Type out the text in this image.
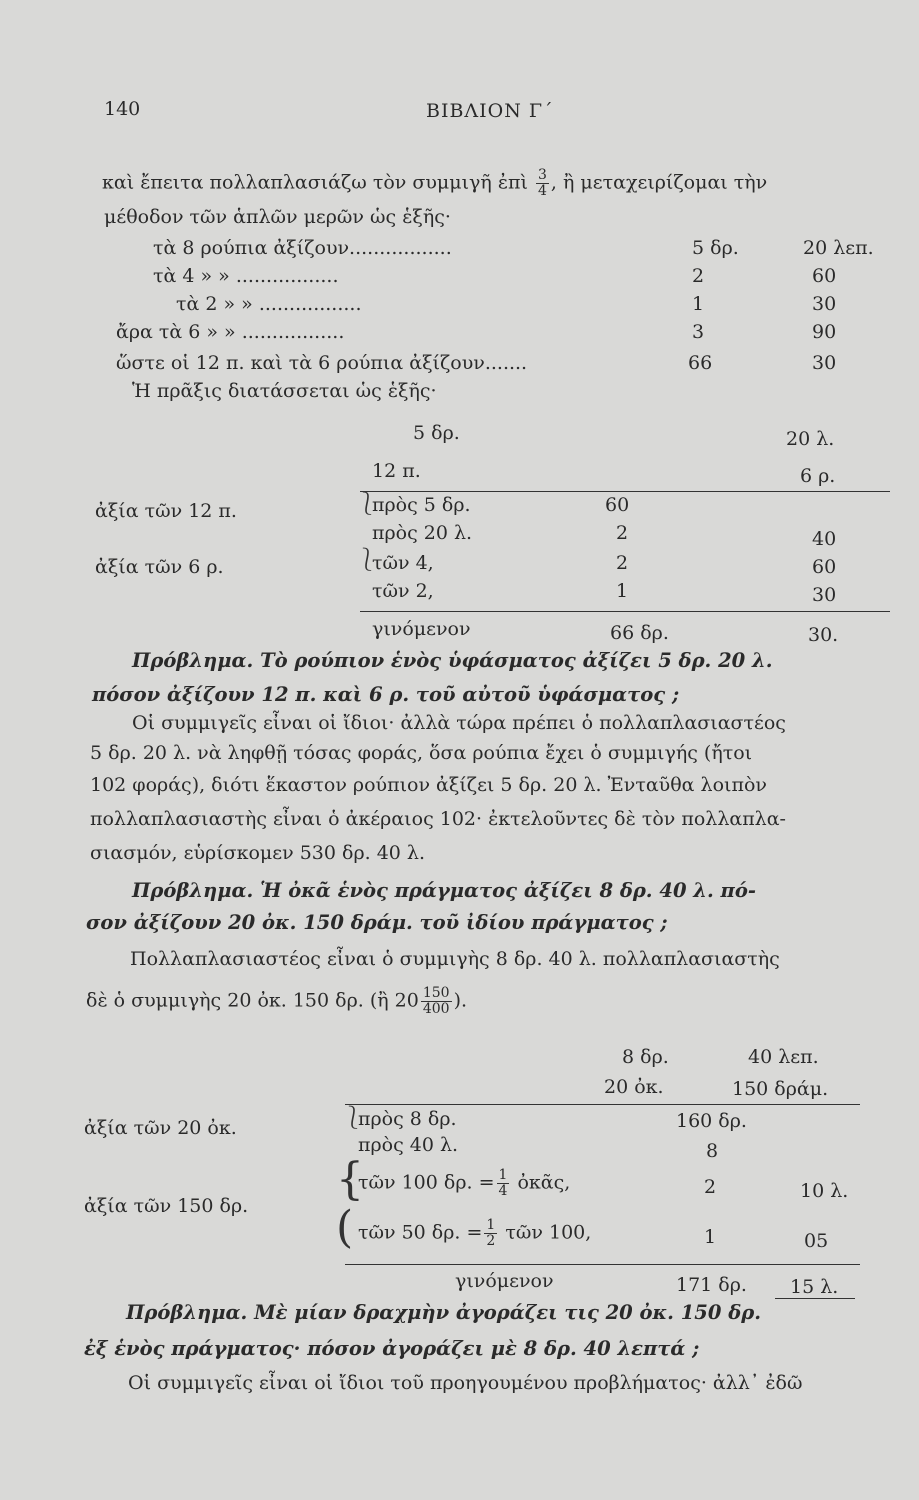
140	ΒΙΒΛΙΟΝ Γ΄
καὶ ἔπειτα πολλαπλασιάζω τὸν συμμιγῆ ἐπὶ $\frac{3}{4}$ , ἢ μεταχειρίζομαι τὴν
μέθοδον τῶν ἁπλῶν μερῶν ὡς ἑξῆς·
τὰ 8 ρούπια ἀξίζουν.................	5 δρ.	20 λεπ.
τὰ 4 » » .................	2	60
τὰ 2 » » .................	1	30
ἄρα τὰ 6 » » .................	3	90
ὥστε οἱ 12 π. καὶ τὰ 6 ρούπια ἀξίζουν.......	66	30
Ἡ πρᾶξις διατάσσεται ὡς ἑξῆς·
5 δρ.	20 λ.
12 π.	6 ρ.
ἀξία τῶν 12 π.
ἀξία τῶν 6 ρ.
⎱
⎱
πρὸς 5 δρ.	60
πρὸς 20 λ.	2	40
τῶν 4,	2	60
τῶν 2,	1	30
γινόμενον	66 δρ.	30.
Πρόβλημα. Τὸ ρούπιον ἑνὸς ὑφάσματος ἀξίζει 5 δρ. 20 λ.
πόσον ἀξίζουν 12 π. καὶ 6 ρ. τοῦ αὐτοῦ ὑφάσματος ;
Οἱ συμμιγεῖς εἶναι οἱ ἴδιοι· ἀλλὰ τώρα πρέπει ὁ πολλαπλασιαστέος
5 δρ. 20 λ. νὰ ληφθῇ τόσας φοράς, ὅσα ρούπια ἔχει ὁ συμμιγής (ἤτοι
102 φοράς), διότι ἕκαστον ρούπιον ἀξίζει 5 δρ. 20 λ. Ἐνταῦθα λοιπὸν
πολλαπλασιαστὴς εἶναι ὁ ἀκέραιος 102· ἐκτελοῦντες δὲ τὸν πολλαπλα-
σιασμόν, εὑρίσκομεν 530 δρ. 40 λ.
Πρόβλημα. Ἡ ὀκᾶ ἑνὸς πράγματος ἀξίζει 8 δρ. 40 λ. πό-
σον ἀξίζουν 20 ὀκ. 150 δράμ. τοῦ ἰδίου πράγματος ;
Πολλαπλασιαστέος εἶναι ὁ συμμιγὴς 8 δρ. 40 λ. πολλαπλασιαστὴς
δὲ ὁ συμμιγὴς 20 ὀκ. 150 δρ. (ἢ $20 \frac{150}{400}$ ).
8 δρ.	40 λεπ.
20 ὀκ.	150 δράμ.
ἀξία τῶν 20 ὀκ.
ἀξία τῶν 150 δρ.
⎱
{
(
πρὸς 8 δρ.	160 δρ.
πρὸς 40 λ.	8
τῶν 100 δρ. = $\frac{1}{4}$ ὀκᾶς,	2	10 λ.
τῶν 50 δρ. = $\frac{1}{2}$ τῶν 100,	1	05
γινόμενον	171 δρ. 15 λ.
Πρόβλημα. Μὲ μίαν δραχμὴν ἀγοράζει τις 20 ὀκ. 150 δρ.
ἐξ ἑνὸς πράγματος· πόσον ἀγοράζει μὲ 8 δρ. 40 λεπτά ;
Οἱ συμμιγεῖς εἶναι οἱ ἴδιοι τοῦ προηγουμένου προβλήματος· ἀλλ᾿ ἐδῶ
